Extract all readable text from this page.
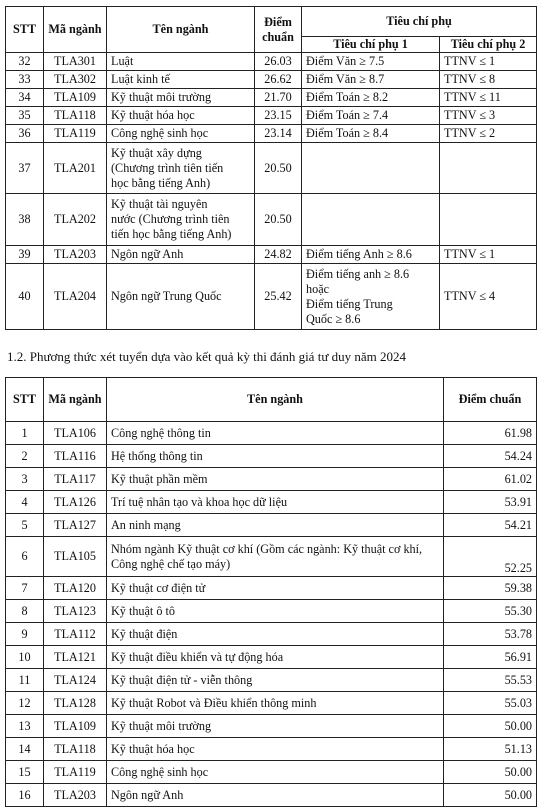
STT	Mã ngành	Tên ngành	Điểm chuẩn	Tiêu chí phụ	
				Tiêu chí phụ 1	Tiêu chí phụ 2
32	TLA301	Luật	26.03	Điểm Văn ≥ 7.5	TTNV ≤ 1
33	TLA302	Luật kinh tế	26.62	Điểm Văn ≥ 8.7	TTNV ≤ 8
34	TLA109	Kỹ thuật môi trường	21.70	Điểm Toán ≥ 8.2	TTNV ≤ 11
35	TLA118	Kỹ thuật hóa học	23.15	Điểm Toán ≥ 7.4	TTNV ≤ 3
36	TLA119	Công nghệ sinh học	23.14	Điểm Toán ≥ 8.4	TTNV ≤ 2
37	TLA201	Kỹ thuật xây dựng
(Chương trình tiên tiến
học bằng tiếng Anh)	20.50		
38	TLA202	Kỹ thuật tài nguyên
nước (Chương trình tiên
tiến học bằng tiếng Anh)	20.50		
39	TLA203	Ngôn ngữ Anh	24.82	Điểm tiếng Anh ≥ 8.6	TTNV ≤ 1
40	TLA204	Ngôn ngữ Trung Quốc	25.42	Điểm tiếng anh ≥ 8.6
hoặc
Điểm tiếng Trung
Quốc ≥ 8.6	TTNV ≤ 4
1.2. Phương thức xét tuyển dựa vào kết quả kỳ thi đánh giá tư duy năm 2024
STT	Mã ngành	Tên ngành	Điểm chuẩn
1	TLA106	Công nghệ thông tin	61.98
2	TLA116	Hệ thống thông tin	54.24
3	TLA117	Kỹ thuật phần mềm	61.02
4	TLA126	Trí tuệ nhân tạo và khoa học dữ liệu	53.91
5	TLA127	An ninh mạng	54.21
6	TLA105	Nhóm ngành Kỹ thuật cơ khí (Gồm các ngành: Kỹ thuật cơ khí, Công nghệ chế tạo máy)	52.25
7	TLA120	Kỹ thuật cơ điện tử	59.38
8	TLA123	Kỹ thuật ô tô	55.30
9	TLA112	Kỹ thuật điện	53.78
10	TLA121	Kỹ thuật điều khiển và tự động hóa	56.91
11	TLA124	Kỹ thuật điện tử - viễn thông	55.53
12	TLA128	Kỹ thuật Robot và Điều khiển thông minh	55.03
13	TLA109	Kỹ thuật môi trường	50.00
14	TLA118	Kỹ thuật hóa học	51.13
15	TLA119	Công nghệ sinh học	50.00
16	TLA203	Ngôn ngữ Anh	50.00
